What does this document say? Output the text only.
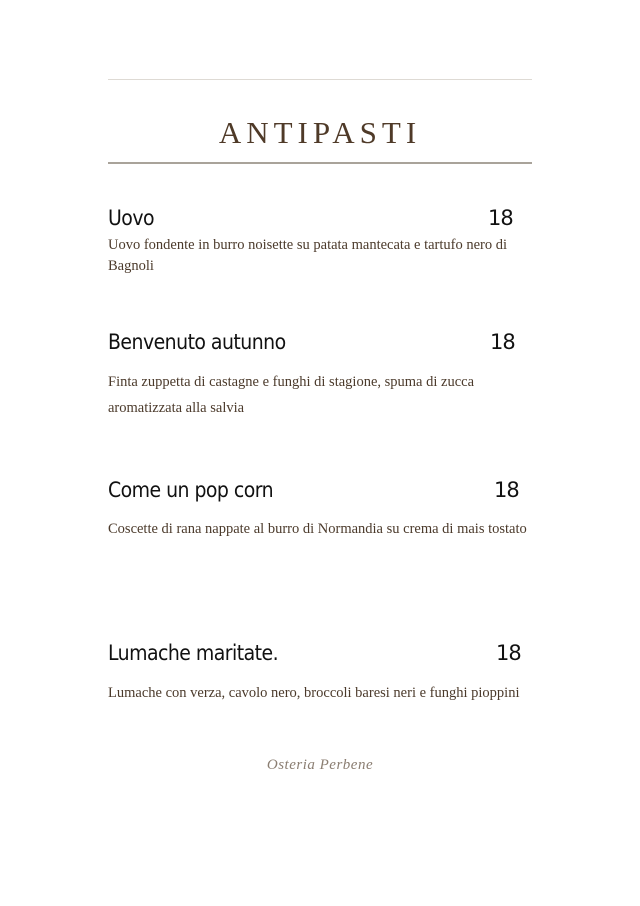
ANTIPASTI
Uovo	18
Uovo fondente in burro noisette su patata mantecata e tartufo nero di Bagnoli
Benvenuto autunno	18
Finta zuppetta di castagne e funghi di stagione, spuma di zucca aromatizzata alla salvia
Come un pop corn	18
Coscette di rana nappate al burro di Normandia su crema di mais tostato
Lumache maritate.	18
Lumache con verza, cavolo nero, broccoli baresi neri e funghi pioppini
Osteria Perbene
